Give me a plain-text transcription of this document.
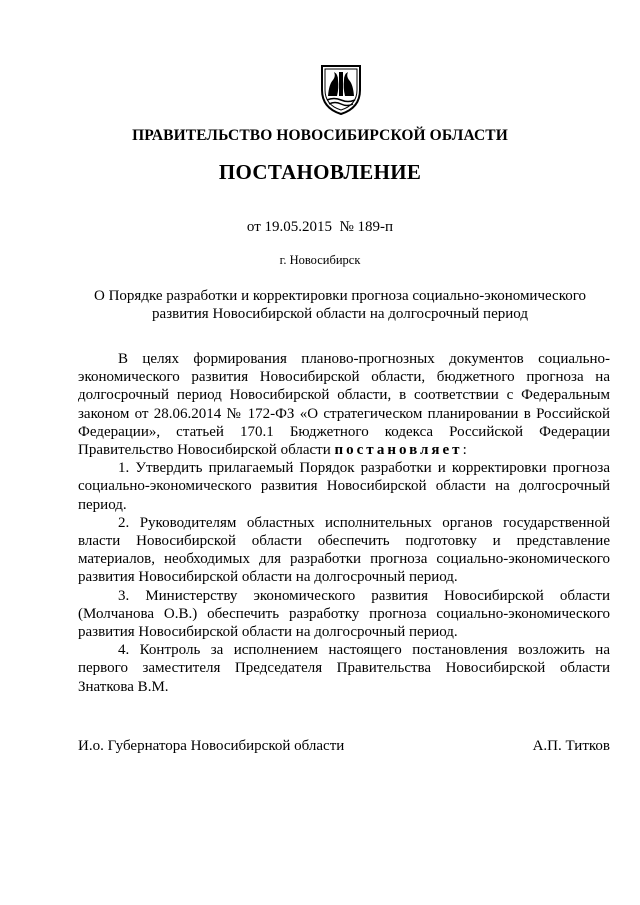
ПРАВИТЕЛЬСТВО НОВОСИБИРСКОЙ ОБЛАСТИ
ПОСТАНОВЛЕНИЕ
от 19.05.2015  № 189-п
г. Новосибирск
О Порядке разработки и корректировки прогноза социально-экономического развития Новосибирской области на долгосрочный период

В целях формирования планово-прогнозных документов социально-экономического развития Новосибирской области, бюджетного прогноза на долгосрочный период Новосибирской области, в соответствии с Федеральным законом от 28.06.2014 № 172-ФЗ «О стратегическом планировании в Российской Федерации», статьей 170.1 Бюджетного кодекса Российской Федерации Правительство Новосибирской области постановляет:

1. Утвердить прилагаемый Порядок разработки и корректировки прогноза социально-экономического развития Новосибирской области на долгосрочный период.

2. Руководителям областных исполнительных органов государственной власти Новосибирской области обеспечить подготовку и представление материалов, необходимых для разработки прогноза социально-экономического развития Новосибирской области на долгосрочный период.

3. Министерству экономического развития Новосибирской области (Молчанова О.В.) обеспечить разработку прогноза социально-экономического развития Новосибирской области на долгосрочный период.

4. Контроль за исполнением настоящего постановления возложить на первого заместителя Председателя Правительства Новосибирской области Знаткова В.М.

И.о. Губернатора Новосибирской области	А.П. Титков
